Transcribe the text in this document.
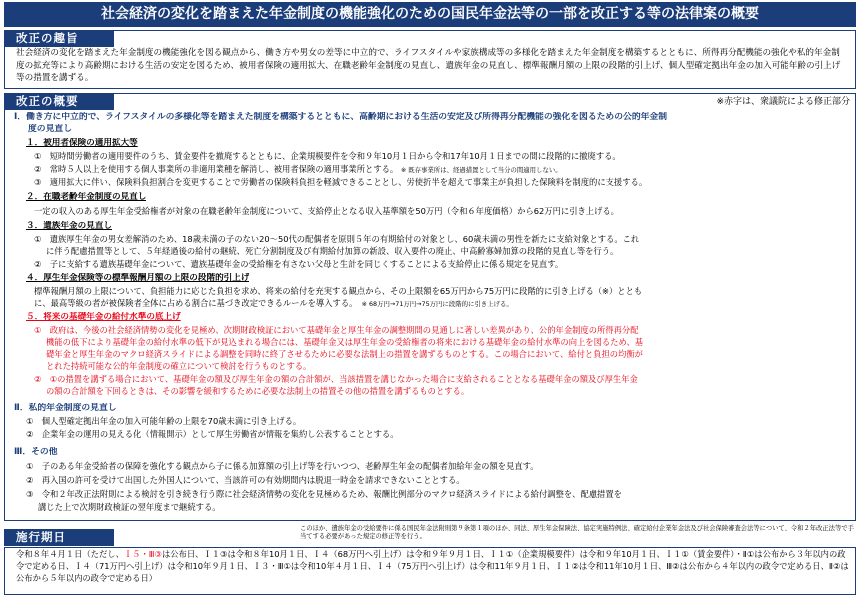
社会経済の変化を踏まえた年金制度の機能強化のための国民年金法等の一部を改正する等の法律案の概要
改正の趣旨
社会経済の変化を踏まえた年金制度の機能強化を図る観点から、働き方や男女の差等に中立的で、ライフスタイルや家族構成等の多様化を踏まえた年金制度を構築するとともに、所得再分配機能の強化や私的年金制度の拡充等により高齢期における生活の安定を図るため、被用者保険の適用拡大、在職老齢年金制度の見直し、遺族年金の見直し、標準報酬月額の上限の段階的引上げ、個人型確定拠出年金の加入可能年齢の引上げ等の措置を講ずる。
改正の概要	※赤字は、衆議院による修正部分
Ⅰ．働き方に中立的で、ライフスタイルの多様化等を踏まえた制度を構築するとともに、高齢期における生活の安定及び所得再分配機能の強化を図るための公的年金制
度の見直し
１．被用者保険の適用拡大等
①　短時間労働者の適用要件のうち、賃金要件を撤廃するとともに、企業規模要件を令和９年10月１日から令和17年10月１日までの間に段階的に撤廃する。
②　常時５人以上を使用する個人事業所の非適用業種を解消し、被用者保険の適用事業所とする。 ※ 既存事業所は、経過措置として当分の間適用しない。
③　適用拡大に伴い、保険料負担割合を変更することで労働者の保険料負担を軽減できることとし、労使折半を超えて事業主が負担した保険料を制度的に支援する。
２．在職老齢年金制度の見直し
一定の収入のある厚生年金受給権者が対象の在職老齢年金制度について、支給停止となる収入基準額を50万円（令和６年度価格）から62万円に引き上げる。
３．遺族年金の見直し
①　遺族厚生年金の男女差解消のため、18歳未満の子のない20～50代の配偶者を原則５年の有期給付の対象とし、60歳未満の男性を新たに支給対象とする。これ
に伴う配慮措置等として、５年経過後の給付の継続、死亡分割制度及び有期給付加算の新設、収入要件の廃止、中高齢寡婦加算の段階的見直し等を行う。
②　子に支給する遺族基礎年金について、遺族基礎年金の受給権を有さない父母と生計を同じくすることによる支給停止に係る規定を見直す。
４．厚生年金保険等の標準報酬月額の上限の段階的引上げ
標準報酬月額の上限について、負担能力に応じた負担を求め、将来の給付を充実する観点から、その上限額を65万円から75万円に段階的に引き上げる（※）ととも
に、最高等級の者が被保険者全体に占める割合に基づき改定できるルールを導入する。　 ※ 68万円→71万円→75万円に段階的に引き上げる。
５．将来の基礎年金の給付水準の底上げ
①　政府は、今後の社会経済情勢の変化を見極め、次期財政検証において基礎年金と厚生年金の調整期間の見通しに著しい差異があり、公的年金制度の所得再分配
機能の低下により基礎年金の給付水準の低下が見込まれる場合には、基礎年金又は厚生年金の受給権者の将来における基礎年金の給付水準の向上を図るため、基
礎年金と厚生年金のマクロ経済スライドによる調整を同時に終了させるために必要な法制上の措置を講ずるものとする。この場合において、給付と負担の均衡が
とれた持続可能な公的年金制度の確立について検討を行うものとする。
②　①の措置を講ずる場合において、基礎年金の額及び厚生年金の額の合計額が、当該措置を講じなかった場合に支給されることとなる基礎年金の額及び厚生年金
の額の合計額を下回るときは、その影響を緩和するために必要な法制上の措置その他の措置を講ずるものとする。
Ⅱ．私的年金制度の見直し
①　個人型確定拠出年金の加入可能年齢の上限を70歳未満に引き上げる。
②　企業年金の運用の見える化（情報開示）として厚生労働省が情報を集約し公表することとする。
Ⅲ．その他
①　子のある年金受給者の保障を強化する観点から子に係る加算額の引上げ等を行いつつ、老齢厚生年金の配偶者加給年金の額を見直す。
②　再入国の許可を受けて出国した外国人について、当該許可の有効期間内は脱退一時金を請求できないこととする。
③　令和２年改正法附則による検討を引き続き行う際に社会経済情勢の変化を見極めるため、報酬比例部分のマクロ経済スライドによる給付調整を、配慮措置を
講じた上で次期財政検証の翌年度まで継続する。
このほか、遺族年金の受給要件に係る国民年金法附則第９条第１項のほか、同法、厚生年金保険法、協定実施特例法、確定給付企業年金法及び社会保険審査会法等について、令和２年改正法等で手当てする必要があった規定の修正等を行う。
施行期日
令和８年４月１日（ただし、Ｉ５・Ⅲ③は公布日、Ｉ１③は令和８年10月１日、Ｉ４（68万円へ引上げ）は令和９年９月１日、Ｉ１①（企業規模要件）は令和９年10月１日、Ｉ１①（賃金要件）・Ⅱ①は公布から３年以内の政令で定める日、Ｉ４（71万円へ引上げ）は令和10年９月１日、Ｉ３・Ⅲ①は令和10年４月１日、Ｉ４（75万円へ引上げ）は令和11年９月１日、Ｉ１②は令和11年10月１日、Ⅲ②は公布から４年以内の政令で定める日、Ⅱ②は公布から５年以内の政令で定める日）
